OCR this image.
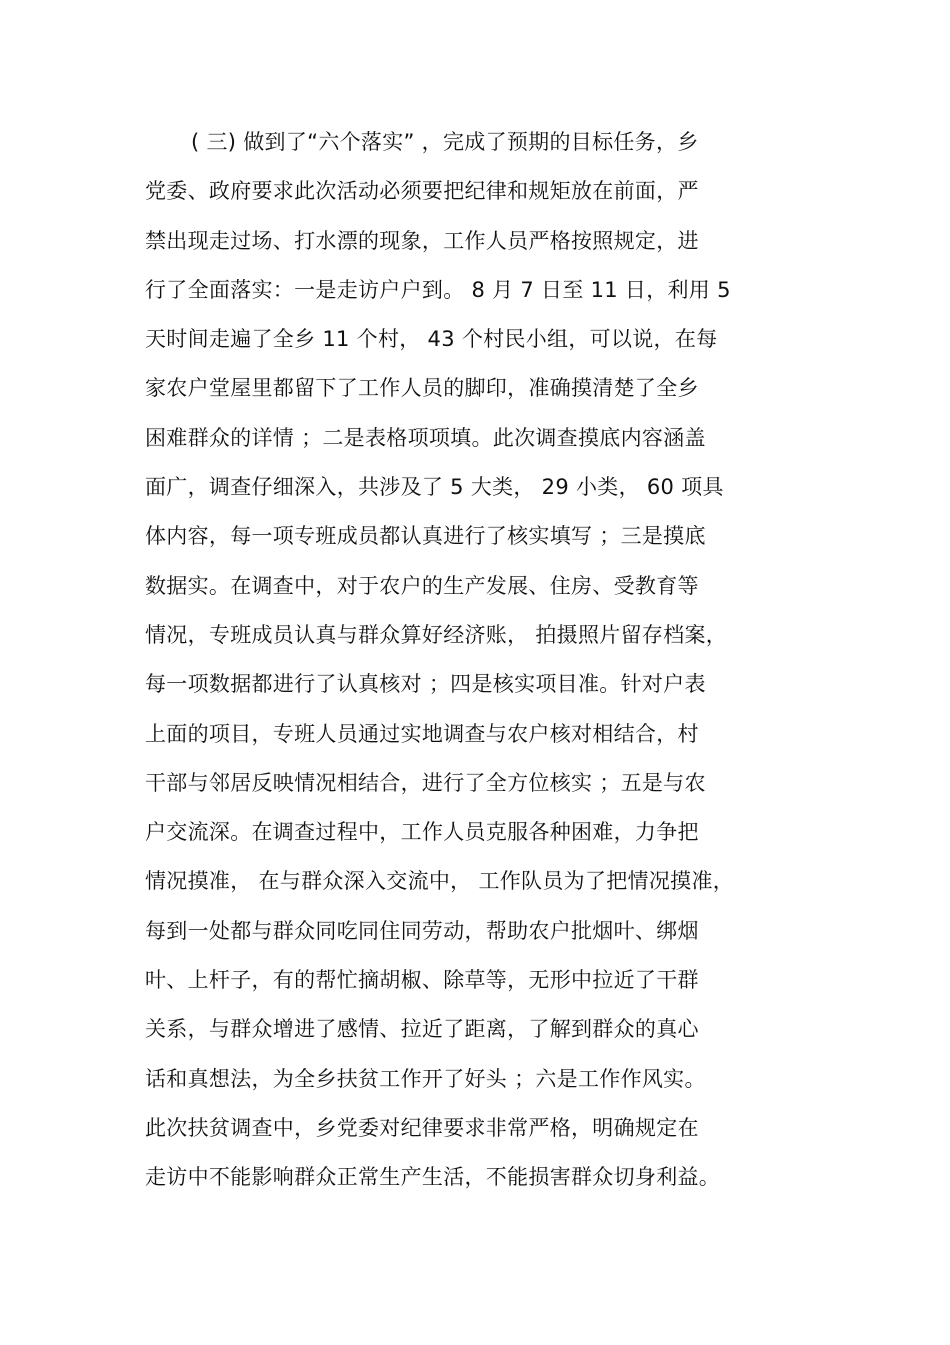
( 三) 做到了“六个落实” ，完成了预期的目标任务，乡
党委、政府要求此次活动必须要把纪律和规矩放在前面，严
禁出现走过场、打水漂的现象，工作人员严格按照规定，进
行了全面落实：一是走访户户到。 8 月 7 日至 11 日，利用 5
天时间走遍了全乡 11 个村， 43 个村民小组，可以说，在每
家农户堂屋里都留下了工作人员的脚印，准确摸清楚了全乡
困难群众的详情 ；二是表格项项填。此次调查摸底内容涵盖
面广，调查仔细深入，共涉及了 5 大类， 29 小类， 60 项具
体内容，每一项专班成员都认真进行了核实填写 ；三是摸底
数据实。在调查中，对于农户的生产发展、住房、受教育等
情况，专班成员认真与群众算好经济账， 拍摄照片留存档案，
每一项数据都进行了认真核对 ；四是核实项目准。针对户表
上面的项目，专班人员通过实地调查与农户核对相结合，村
干部与邻居反映情况相结合，进行了全方位核实 ；五是与农
户交流深。在调查过程中，工作人员克服各种困难，力争把
情况摸准， 在与群众深入交流中， 工作队员为了把情况摸准，
每到一处都与群众同吃同住同劳动，帮助农户批烟叶、绑烟
叶、上杆子，有的帮忙摘胡椒、除草等，无形中拉近了干群
关系，与群众增进了感情、拉近了距离，了解到群众的真心
话和真想法，为全乡扶贫工作开了好头 ；六是工作作风实。
此次扶贫调查中，乡党委对纪律要求非常严格，明确规定在
走访中不能影响群众正常生产生活，不能损害群众切身利益。
